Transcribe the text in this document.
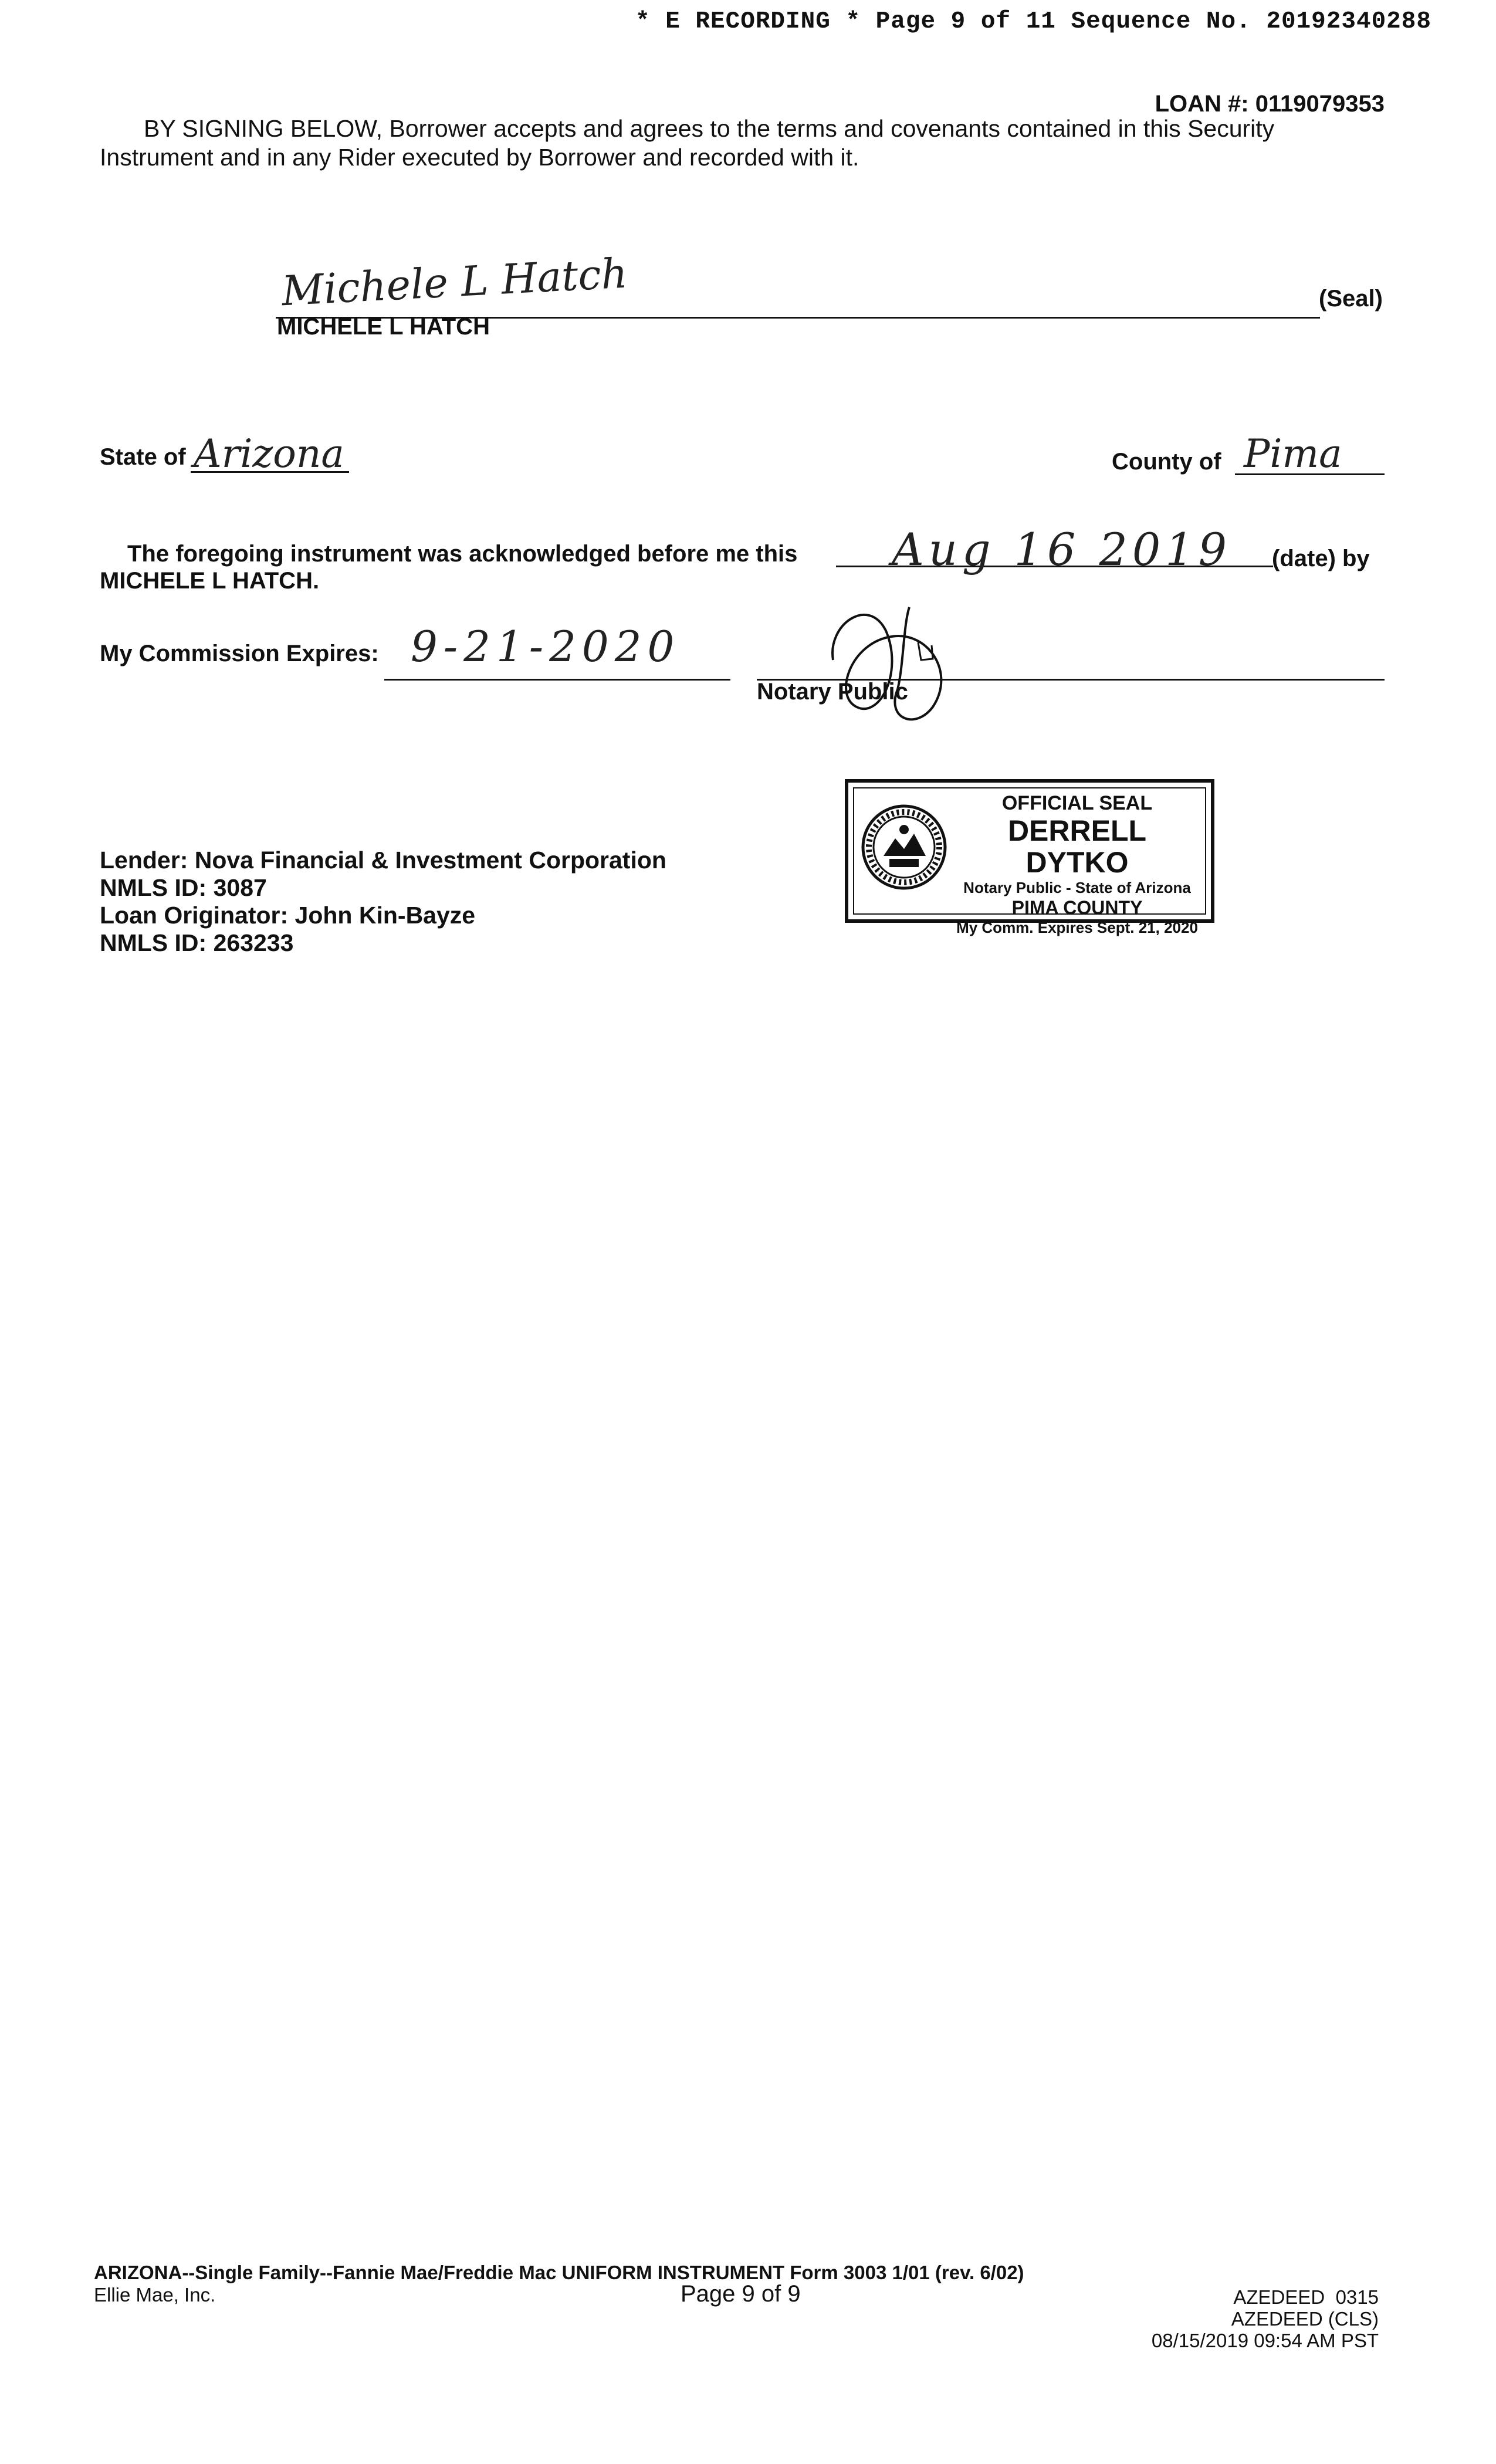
* E RECORDING * Page 9 of 11 Sequence No. 20192340288
LOAN #: 0119079353
BY SIGNING BELOW, Borrower accepts and agrees to the terms and covenants contained in this Security Instrument and in any Rider executed by Borrower and recorded with it.
Michele L Hatch
MICHELE L HATCH
(Seal)
State of Arizona	County of Pima
The foregoing instrument was acknowledged before me this Aug 16 2019 (date) by
MICHELE L HATCH.
My Commission Expires: 9-21-2020
Notary Public
Lender: Nova Financial & Investment Corporation
NMLS ID: 3087
Loan Originator: John Kin-Bayze
NMLS ID: 263233
OFFICIAL SEAL
DERRELL DYTKO
Notary Public - State of Arizona
PIMA COUNTY
My Comm. Expires Sept. 21, 2020
ARIZONA--Single Family--Fannie Mae/Freddie Mac UNIFORM INSTRUMENT Form 3003 1/01 (rev. 6/02)
Ellie Mae, Inc.	Page 9 of 9	AZEDEED  0315
AZEDEED (CLS)
08/15/2019 09:54 AM PST
